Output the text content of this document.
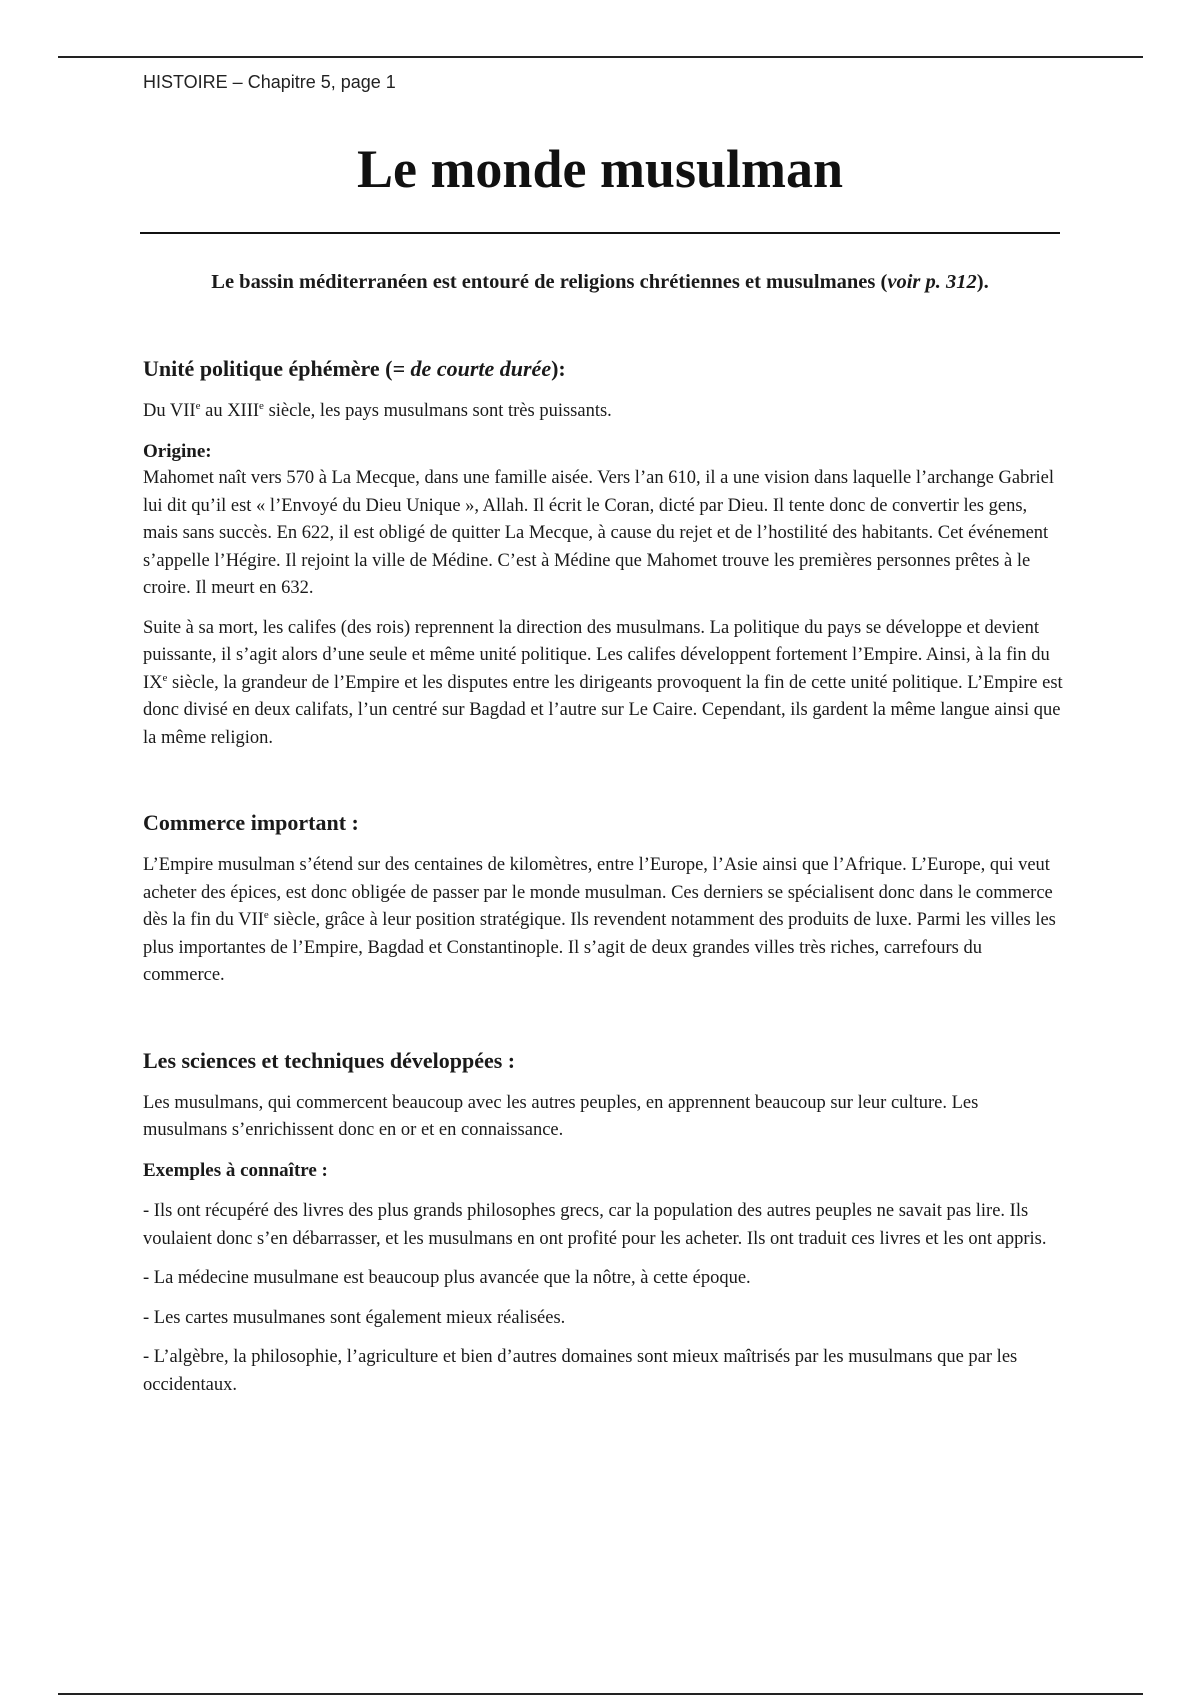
HISTOIRE – Chapitre 5, page 1
Le monde musulman

Le bassin méditerranéen est entouré de religions chrétiennes et musulmanes (voir p. 312).

Unité politique éphémère (= de courte durée):

Du VIIe au XIIIe siècle, les pays musulmans sont très puissants.

Origine:

Mahomet naît vers 570 à La Mecque, dans une famille aisée. Vers l’an 610, il a une vision dans laquelle l’archange Gabriel lui dit qu’il est « l’Envoyé du Dieu Unique », Allah. Il écrit le Coran, dicté par Dieu. Il tente donc de convertir les gens, mais sans succès. En 622, il est obligé de quitter La Mecque, à cause du rejet et de l’hostilité des habitants. Cet événement s’appelle l’Hégire. Il rejoint la ville de Médine. C’est à Médine que Mahomet trouve les premières personnes prêtes à le croire. Il meurt en 632.

Suite à sa mort, les califes (des rois) reprennent la direction des musulmans. La politique du pays se développe et devient puissante, il s’agit alors d’une seule et même unité politique. Les califes développent fortement l’Empire. Ainsi, à la fin du IXe siècle, la grandeur de l’Empire et les disputes entre les dirigeants provoquent la fin de cette unité politique. L’Empire est donc divisé en deux califats, l’un centré sur Bagdad et l’autre sur Le Caire. Cependant, ils gardent la même langue ainsi que la même religion.

Commerce important :

L’Empire musulman s’étend sur des centaines de kilomètres, entre l’Europe, l’Asie ainsi que l’Afrique. L’Europe, qui veut acheter des épices, est donc obligée de passer par le monde musulman. Ces derniers se spécialisent donc dans le commerce dès la fin du VIIe siècle, grâce à leur position stratégique. Ils revendent notamment des produits de luxe. Parmi les villes les plus importantes de l’Empire, Bagdad et Constantinople. Il s’agit de deux grandes villes très riches, carrefours du commerce.

Les sciences et techniques développées :

Les musulmans, qui commercent beaucoup avec les autres peuples, en apprennent beaucoup sur leur culture. Les musulmans s’enrichissent donc en or et en connaissance.

Exemples à connaître :

- Ils ont récupéré des livres des plus grands philosophes grecs, car la population des autres peuples ne savait pas lire. Ils voulaient donc s’en débarrasser, et les musulmans en ont profité pour les acheter. Ils ont traduit ces livres et les ont appris.

- La médecine musulmane est beaucoup plus avancée que la nôtre, à cette époque.

- Les cartes musulmanes sont également mieux réalisées.

- L’algèbre, la philosophie, l’agriculture et bien d’autres domaines sont mieux maîtrisés par les musulmans que par les occidentaux.
